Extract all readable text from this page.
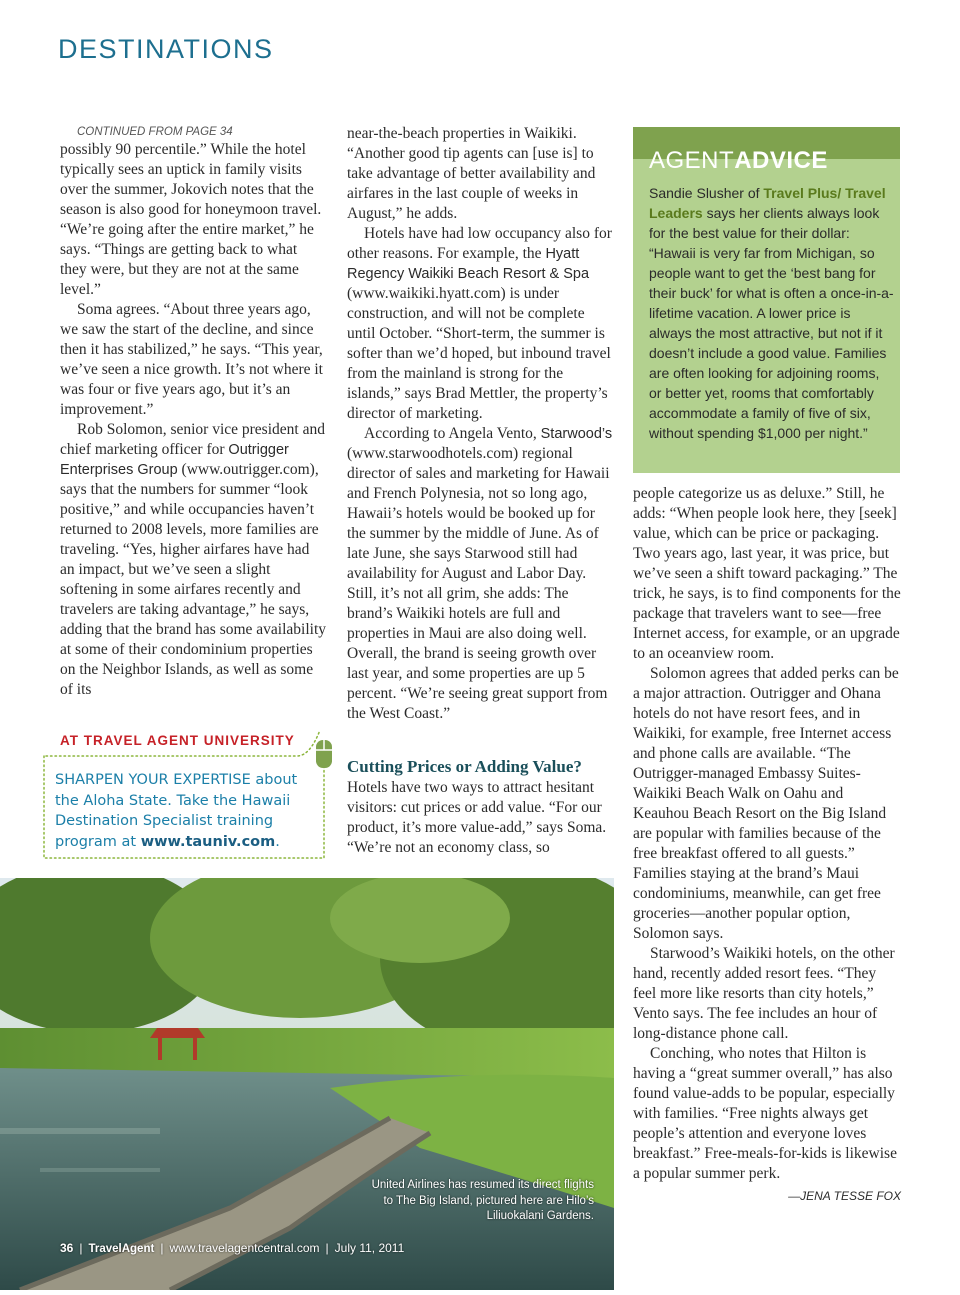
DESTINATIONS

CONTINUED FROM PAGE 34

possibly 90 percentile.” While the hotel typically sees an uptick in family visits over the summer, Jokovich notes that the season is also good for honeymoon travel. “We’re going after the entire market,” he says. “Things are getting back to what they were, but they are not at the same level.”

Soma agrees. “About three years ago, we saw the start of the decline, and since then it has stabilized,” he says. “This year, we’ve seen a nice growth. It’s not where it was four or five years ago, but it’s an improvement.”

Rob Solomon, senior vice president and chief marketing officer for Outrigger Enterprises Group (www.outrigger.com), says that the numbers for summer “look positive,” and while occupancies haven’t returned to 2008 levels, more families are traveling. “Yes, higher airfares have had an impact, but we’ve seen a slight softening in some airfares recently and travelers are taking advantage,” he says, adding that the brand has some availability at some of their condominium properties on the Neighbor Islands, as well as some of its

near-the-beach properties in Waikiki. “Another good tip agents can [use is] to take advantage of better availability and airfares in the last couple of weeks in August,” he adds.

Hotels have had low occupancy also for other reasons. For example, the Hyatt Regency Waikiki Beach Resort & Spa (www.waikiki.hyatt.com) is under construction, and will not be complete until October. “Short-term, the summer is softer than we’d hoped, but inbound travel from the mainland is strong for the islands,” says Brad Mettler, the property’s director of marketing.

According to Angela Vento, Starwood’s (www.starwoodhotels.com) regional director of sales and marketing for Hawaii and French Polynesia, not so long ago, Hawaii’s hotels would be booked up for the summer by the middle of June. As of late June, she says Starwood still had availability for August and Labor Day. Still, it’s not all grim, she adds: The brand’s Waikiki hotels are full and properties in Maui are also doing well. Overall, the brand is seeing growth over last year, and some properties are up 5 percent. “We’re seeing great support from the West Coast.”

Cutting Prices or Adding Value?

Hotels have two ways to attract hesitant visitors: cut prices or add value. “For our product, it’s more value-add,” says Soma. “We’re not an economy class, so

AGENTADVICE
Sandie Slusher of Travel Plus/ Travel Leaders says her clients always look for the best value for their dollar: “Hawaii is very far from Michigan, so people want to get the ‘best bang for their buck’ for what is often a once-in-a-lifetime vacation. A lower price is always the most attractive, but not if it doesn’t include a good value. Families are often looking for adjoining rooms, or better yet, rooms that comfortably accommodate a family of five of six, without spending $1,000 per night.”

people categorize us as deluxe.” Still, he adds: “When people look here, they [seek] value, which can be price or packaging. Two years ago, last year, it was price, but we’ve seen a shift toward packaging.” The trick, he says, is to find components for the package that travelers want to see—free Internet access, for example, or an upgrade to an oceanview room.

Solomon agrees that added perks can be a major attraction. Outrigger and Ohana hotels do not have resort fees, and in Waikiki, for example, free Internet access and phone calls are available. “The Outrigger-managed Embassy Suites-Waikiki Beach Walk on Oahu and Keauhou Beach Resort on the Big Island are popular with families because of the free breakfast offered to all guests.” Families staying at the brand’s Maui condominiums, meanwhile, can get free groceries—another popular option, Solomon says.

Starwood’s Waikiki hotels, on the other hand, recently added resort fees. “They feel more like resorts than city hotels,” Vento says. The fee includes an hour of long-distance phone call.

Conching, who notes that Hilton is having a “great summer overall,” has also found value-adds to be popular, especially with families. “Free nights always get people’s attention and everyone loves breakfast.” Free-meals-for-kids is likewise a popular summer perk.

—JENA TESSE FOX
AT TRAVEL AGENT UNIVERSITY
SHARPEN YOUR EXPERTISE about the Aloha State. Take the Hawaii Destination Specialist training program at www.tauniv.com.
United Airlines has resumed its direct flights to The Big Island, pictured here are Hilo’s Liliuokalani Gardens.
36 | TravelAgent | www.travelagentcentral.com | July 11, 2011
